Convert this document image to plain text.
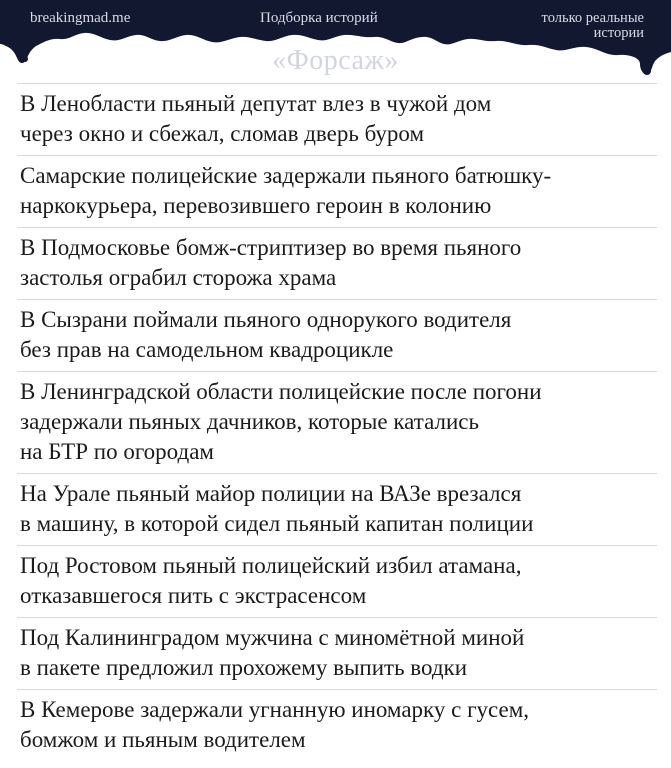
breakingmad.me	Подборка историй	только реальные
истории
«Форсаж»
В Ленобласти пьяный депутат влез в чужой дом
через окно и сбежал, сломав дверь буром
Самарские полицейские задержали пьяного батюшку-
наркокурьера, перевозившего героин в колонию
В Подмосковье бомж-стриптизер во время пьяного
застолья ограбил сторожа храма
В Сызрани поймали пьяного однорукого водителя
без прав на самодельном квадроцикле
В Ленинградской области полицейские после погони
задержали пьяных дачников, которые катались
на БТР по огородам
На Урале пьяный майор полиции на ВАЗе врезался
в машину, в которой сидел пьяный капитан полиции
Под Ростовом пьяный полицейский избил атамана,
отказавшегося пить с экстрасенсом
Под Калининградом мужчина с миномётной миной
в пакете предложил прохожему выпить водки
В Кемерове задержали угнанную иномарку с гусем,
бомжом и пьяным водителем
